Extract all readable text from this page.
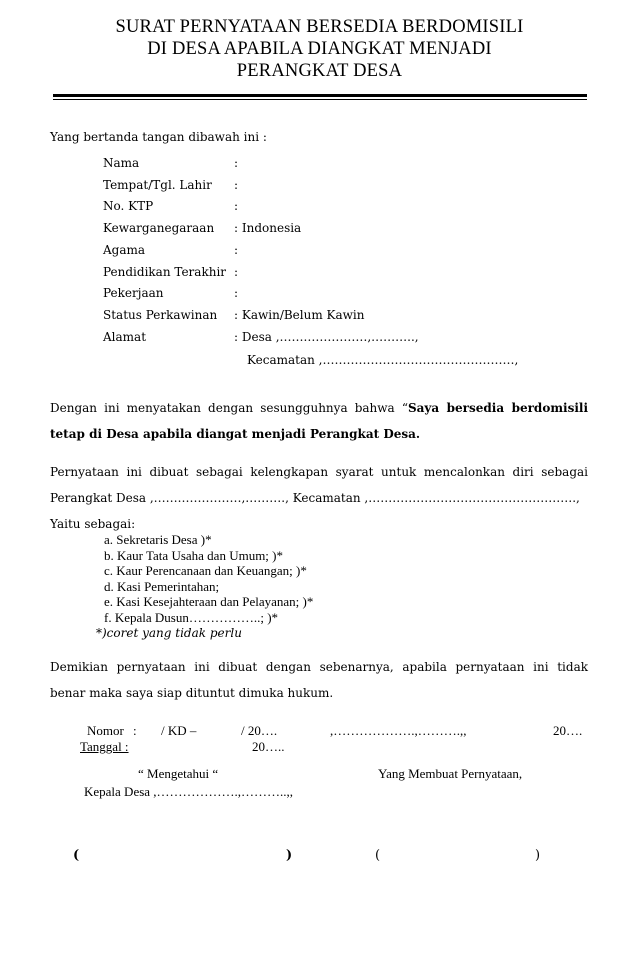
SURAT PERNYATAAN BERSEDIA BERDOMISILI
DI DESA APABILA DIANGKAT MENJADI
PERANGKAT DESA
Yang bertanda tangan dibawah ini :
Nama	:
Tempat/Tgl. Lahir :
No. KTP	:
Kewarganegaraan : Indonesia
Agama	:
Pendidikan Terakhir :
Pekerjaan	:
Status Perkawinan : Kawin/Belum Kawin
Alamat	: Desa ,…….……………,………..,
Kecamatan ,…………………………………………,
Dengan ini menyatakan dengan sesungguhnya bahwa “Saya bersedia berdomisili
tetap di Desa apabila diangat menjadi Perangkat Desa.
Pernyataan ini dibuat sebagai kelengkapan syarat untuk mencalonkan diri sebagai
Perangkat Desa ,…….……………,………., Kecamatan ,…………………………………………….,
Yaitu sebagai:
a. Sekretaris Desa )*
b. Kaur Tata Usaha dan Umum; )*
c. Kaur Perencanaan dan Keuangan; )*
d. Kasi Pemerintahan;
e. Kasi Kesejahteraan dan Pelayanan; )*
f. Kepala Dusun……………..; )*
*)coret yang tidak perlu
Demikian pernyataan ini dibuat dengan sebenarnya, apabila pernyataan ini tidak
benar maka saya siap dituntut dimuka hukum.
Nomor : / KD –	/ 20….	,……………….,……….,,	20….
Tanggal :	20…..
“ Mengetahui “	Yang Membuat Pernyataan,
Kepala Desa ,……………….,………..,,
(	)	(	)
